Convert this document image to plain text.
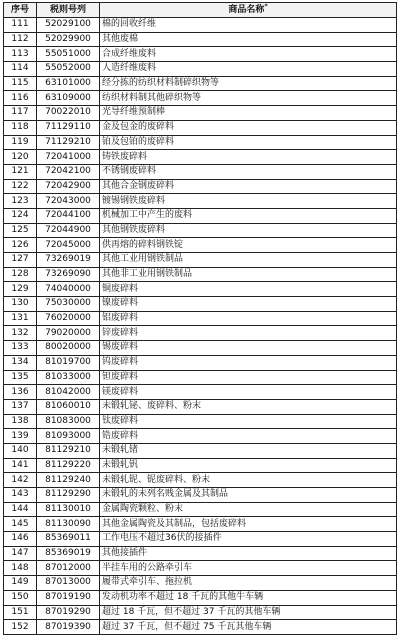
序号	税则号列	商品名称*
111	52029100	棉的回收纤维
112	52029900	其他废棉
113	55051000	合成纤维废料
114	55052000	人造纤维废料
115	63101000	经分拣的纺织材料制碎织物等
116	63109000	纺织材料制其他碎织物等
117	70022010	光导纤维预制棒
118	71129110	金及包金的废碎料
119	71129210	铂及包铂的废碎料
120	72041000	铸铁废碎料
121	72042100	不锈钢废碎料
122	72042900	其他合金钢废碎料
123	72043000	镀锡钢铁废碎料
124	72044100	机械加工中产生的废料
125	72044900	其他钢铁废碎料
126	72045000	供再熔的碎料钢铁锭
127	73269019	其他工业用钢铁制品
128	73269090	其他非工业用钢铁制品
129	74040000	铜废碎料
130	75030000	镍废碎料
131	76020000	铝废碎料
132	79020000	锌废碎料
133	80020000	锡废碎料
134	81019700	钨废碎料
135	81033000	钽废碎料
136	81042000	镁废碎料
137	81060010	未锻轧铋、废碎料、粉末
138	81083000	钛废碎料
139	81093000	锆废碎料
140	81129210	未锻轧锗
141	81129220	未锻轧钒
142	81129240	未锻轧铌、铌废碎料、粉末
143	81129290	未锻轧的未列名贱金属及其制品
144	81130010	金属陶瓷颗粒、粉末
145	81130090	其他金属陶瓷及其制品，包括废碎料
146	85369011	工作电压不超过36伏的接插件
147	85369019	其他接插件
148	87012000	半挂车用的公路牵引车
149	87013000	履带式牵引车、拖拉机
150	87019190	发动机功率不超过 18 千瓦的其他牛车辆
151	87019290	超过 18 千瓦，但不超过 37 千瓦的其他车辆
152	87019390	超过 37 千瓦，但不超过 75 千瓦其他车辆
